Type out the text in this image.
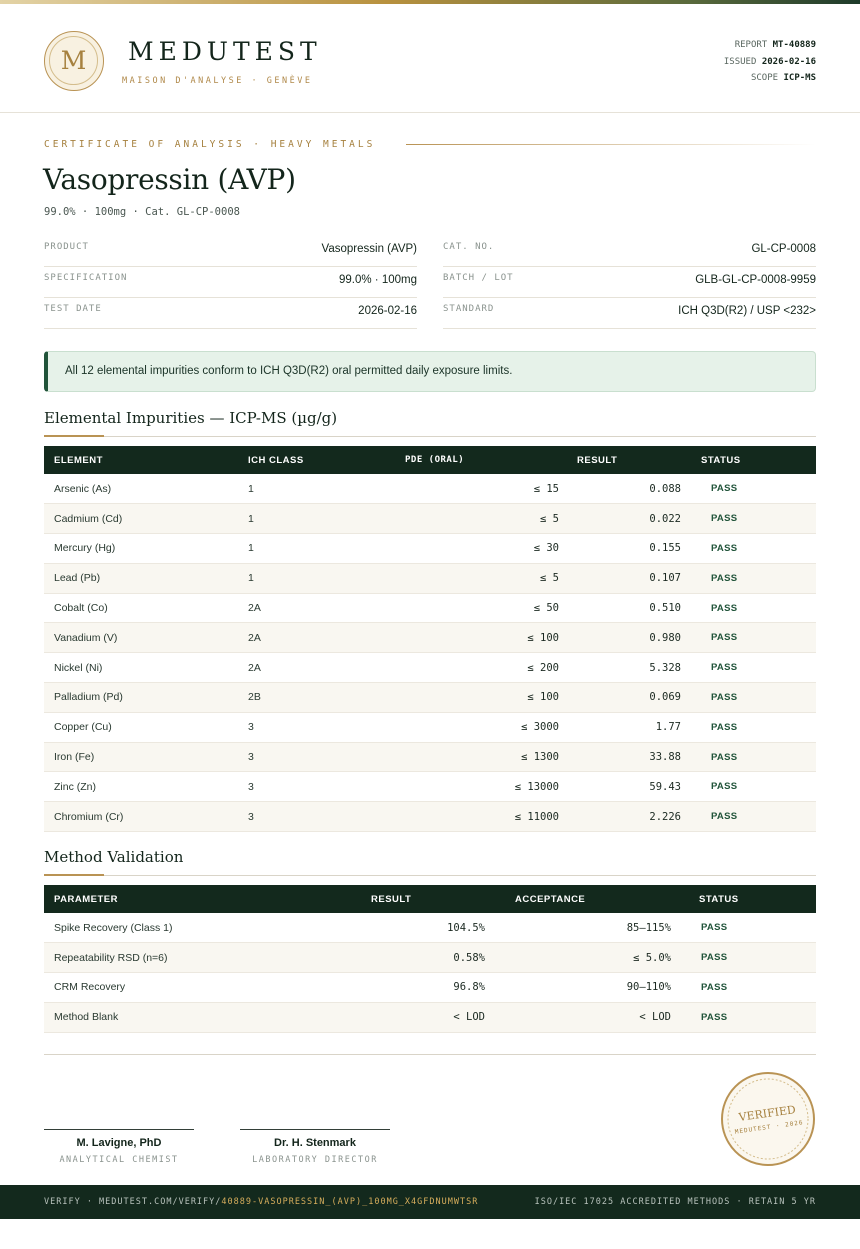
M	MEDUTEST
MAISON D'ANALYSE · GENÈVE
REPORT MT-40889
ISSUED 2026-02-16
SCOPE ICP-MS
CERTIFICATE OF ANALYSIS · HEAVY METALS
Vasopressin (AVP)
99.0% · 100mg · Cat. GL-CP-0008
PRODUCT	Vasopressin (AVP)
SPECIFICATION	99.0% · 100mg
TEST DATE	2026-02-16
CAT. NO.	GL-CP-0008
BATCH / LOT	GLB-GL-CP-0008-9959
STANDARD	ICH Q3D(R2) / USP <232>
All 12 elemental impurities conform to ICH Q3D(R2) oral permitted daily exposure limits.
Elemental Impurities — ICP-MS (µg/g)
ELEMENT	ICH CLASS	PDE (ORAL)	RESULT	STATUS
Arsenic (As)	1	≤ 15	0.088	PASS
Cadmium (Cd)	1	≤ 5	0.022	PASS
Mercury (Hg)	1	≤ 30	0.155	PASS
Lead (Pb)	1	≤ 5	0.107	PASS
Cobalt (Co)	2A	≤ 50	0.510	PASS
Vanadium (V)	2A	≤ 100	0.980	PASS
Nickel (Ni)	2A	≤ 200	5.328	PASS
Palladium (Pd)	2B	≤ 100	0.069	PASS
Copper (Cu)	3	≤ 3000	1.77	PASS
Iron (Fe)	3	≤ 1300	33.88	PASS
Zinc (Zn)	3	≤ 13000	59.43	PASS
Chromium (Cr)	3	≤ 11000	2.226	PASS
Method Validation
PARAMETER	RESULT	ACCEPTANCE	STATUS
Spike Recovery (Class 1)	104.5%	85–115%	PASS
Repeatability RSD (n=6)	0.58%	≤ 5.0%	PASS
CRM Recovery	96.8%	90–110%	PASS
Method Blank	< LOD	< LOD	PASS
M. Lavigne, PhD
ANALYTICAL CHEMIST
Dr. H. Stenmark
LABORATORY DIRECTOR
VERIFIED
MEDUTEST · 2026
VERIFY · MEDUTEST.COM/VERIFY/40889-VASOPRESSIN_(AVP)_100MG_X4GFDNUMWTSR	ISO/IEC 17025 ACCREDITED METHODS · RETAIN 5 YR
